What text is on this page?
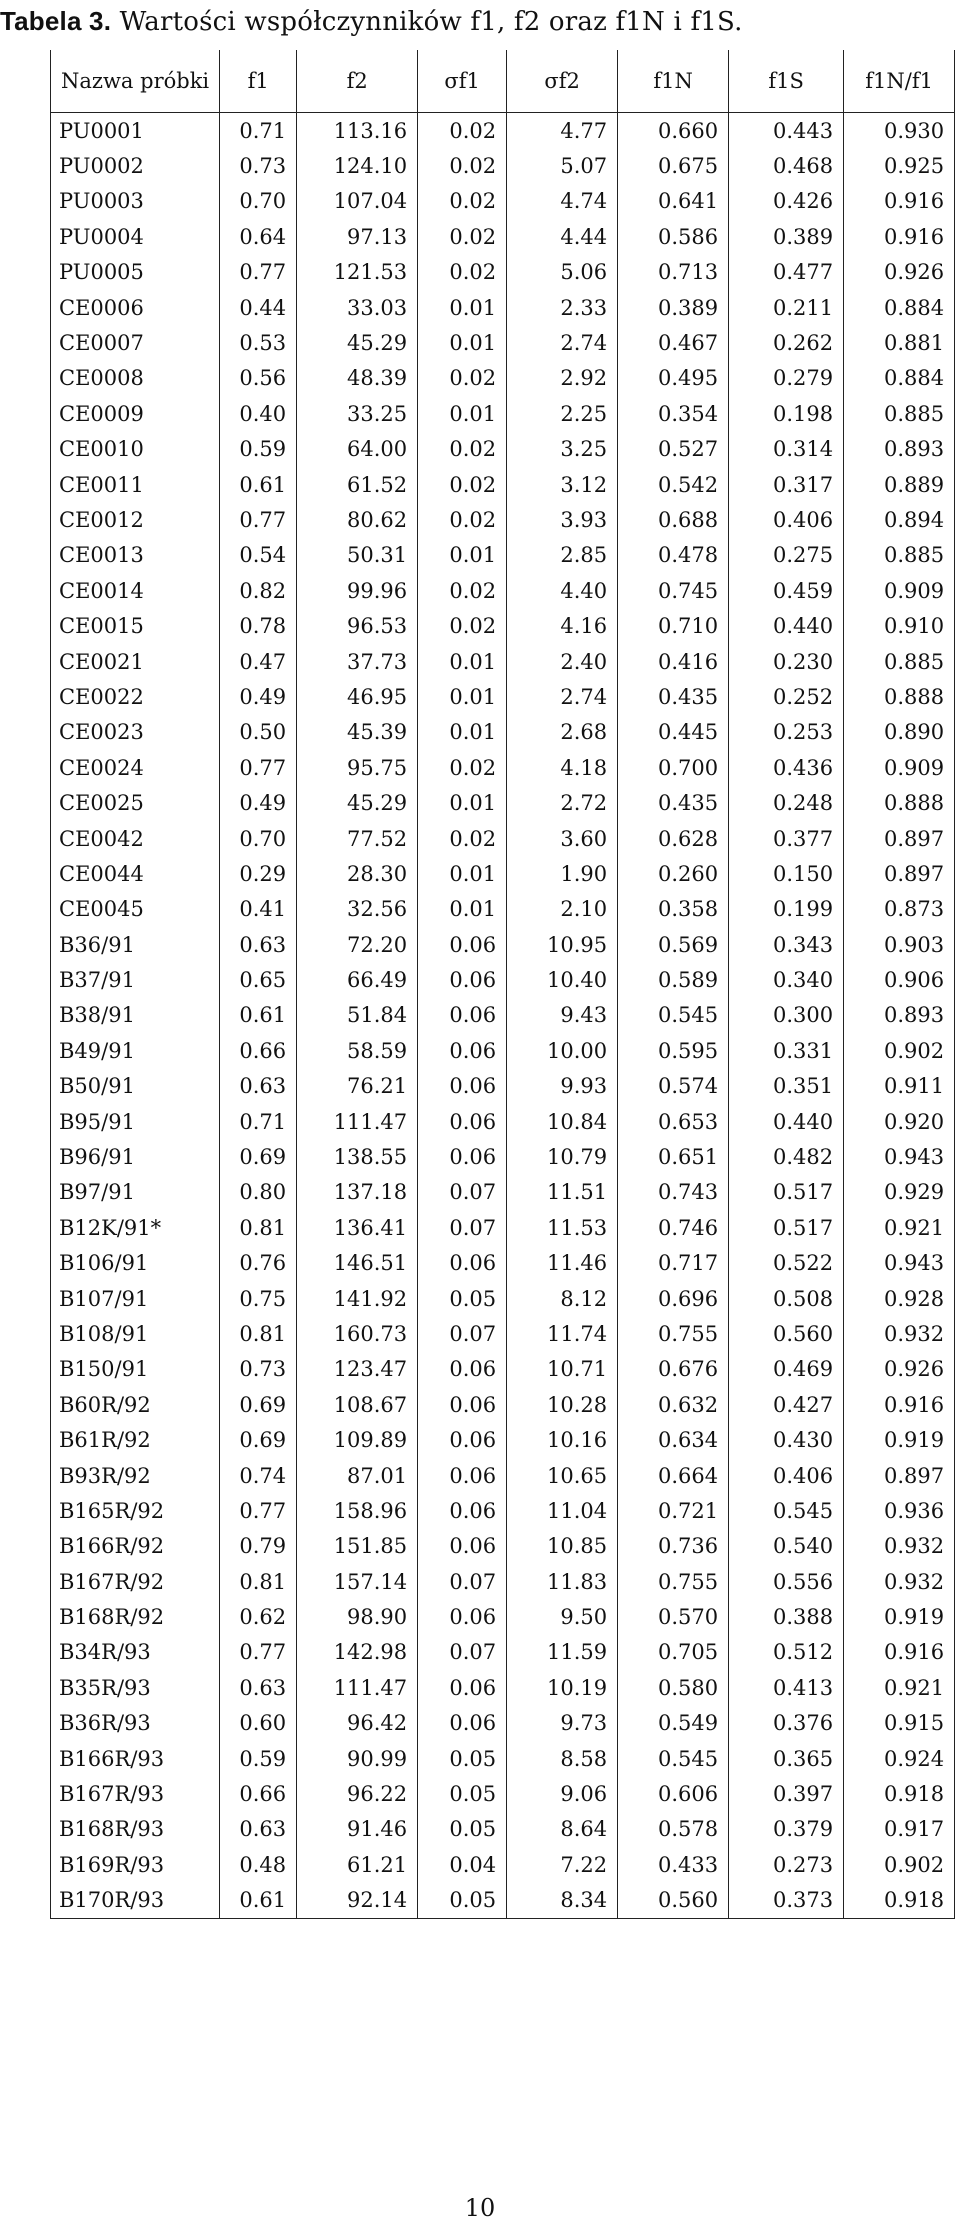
Tabela 3. Wartości współczynników f1, f2 oraz f1N i f1S.
Nazwa próbki	f1	f2	σf1	σf2	f1N	f1S	f1N/f1
PU0001	0.71	113.16	0.02	4.77	0.660	0.443	0.930
PU0002	0.73	124.10	0.02	5.07	0.675	0.468	0.925
PU0003	0.70	107.04	0.02	4.74	0.641	0.426	0.916
PU0004	0.64	97.13	0.02	4.44	0.586	0.389	0.916
PU0005	0.77	121.53	0.02	5.06	0.713	0.477	0.926
CE0006	0.44	33.03	0.01	2.33	0.389	0.211	0.884
CE0007	0.53	45.29	0.01	2.74	0.467	0.262	0.881
CE0008	0.56	48.39	0.02	2.92	0.495	0.279	0.884
CE0009	0.40	33.25	0.01	2.25	0.354	0.198	0.885
CE0010	0.59	64.00	0.02	3.25	0.527	0.314	0.893
CE0011	0.61	61.52	0.02	3.12	0.542	0.317	0.889
CE0012	0.77	80.62	0.02	3.93	0.688	0.406	0.894
CE0013	0.54	50.31	0.01	2.85	0.478	0.275	0.885
CE0014	0.82	99.96	0.02	4.40	0.745	0.459	0.909
CE0015	0.78	96.53	0.02	4.16	0.710	0.440	0.910
CE0021	0.47	37.73	0.01	2.40	0.416	0.230	0.885
CE0022	0.49	46.95	0.01	2.74	0.435	0.252	0.888
CE0023	0.50	45.39	0.01	2.68	0.445	0.253	0.890
CE0024	0.77	95.75	0.02	4.18	0.700	0.436	0.909
CE0025	0.49	45.29	0.01	2.72	0.435	0.248	0.888
CE0042	0.70	77.52	0.02	3.60	0.628	0.377	0.897
CE0044	0.29	28.30	0.01	1.90	0.260	0.150	0.897
CE0045	0.41	32.56	0.01	2.10	0.358	0.199	0.873
B36/91	0.63	72.20	0.06	10.95	0.569	0.343	0.903
B37/91	0.65	66.49	0.06	10.40	0.589	0.340	0.906
B38/91	0.61	51.84	0.06	9.43	0.545	0.300	0.893
B49/91	0.66	58.59	0.06	10.00	0.595	0.331	0.902
B50/91	0.63	76.21	0.06	9.93	0.574	0.351	0.911
B95/91	0.71	111.47	0.06	10.84	0.653	0.440	0.920
B96/91	0.69	138.55	0.06	10.79	0.651	0.482	0.943
B97/91	0.80	137.18	0.07	11.51	0.743	0.517	0.929
B12K/91*	0.81	136.41	0.07	11.53	0.746	0.517	0.921
B106/91	0.76	146.51	0.06	11.46	0.717	0.522	0.943
B107/91	0.75	141.92	0.05	8.12	0.696	0.508	0.928
B108/91	0.81	160.73	0.07	11.74	0.755	0.560	0.932
B150/91	0.73	123.47	0.06	10.71	0.676	0.469	0.926
B60R/92	0.69	108.67	0.06	10.28	0.632	0.427	0.916
B61R/92	0.69	109.89	0.06	10.16	0.634	0.430	0.919
B93R/92	0.74	87.01	0.06	10.65	0.664	0.406	0.897
B165R/92	0.77	158.96	0.06	11.04	0.721	0.545	0.936
B166R/92	0.79	151.85	0.06	10.85	0.736	0.540	0.932
B167R/92	0.81	157.14	0.07	11.83	0.755	0.556	0.932
B168R/92	0.62	98.90	0.06	9.50	0.570	0.388	0.919
B34R/93	0.77	142.98	0.07	11.59	0.705	0.512	0.916
B35R/93	0.63	111.47	0.06	10.19	0.580	0.413	0.921
B36R/93	0.60	96.42	0.06	9.73	0.549	0.376	0.915
B166R/93	0.59	90.99	0.05	8.58	0.545	0.365	0.924
B167R/93	0.66	96.22	0.05	9.06	0.606	0.397	0.918
B168R/93	0.63	91.46	0.05	8.64	0.578	0.379	0.917
B169R/93	0.48	61.21	0.04	7.22	0.433	0.273	0.902
B170R/93	0.61	92.14	0.05	8.34	0.560	0.373	0.918
10
